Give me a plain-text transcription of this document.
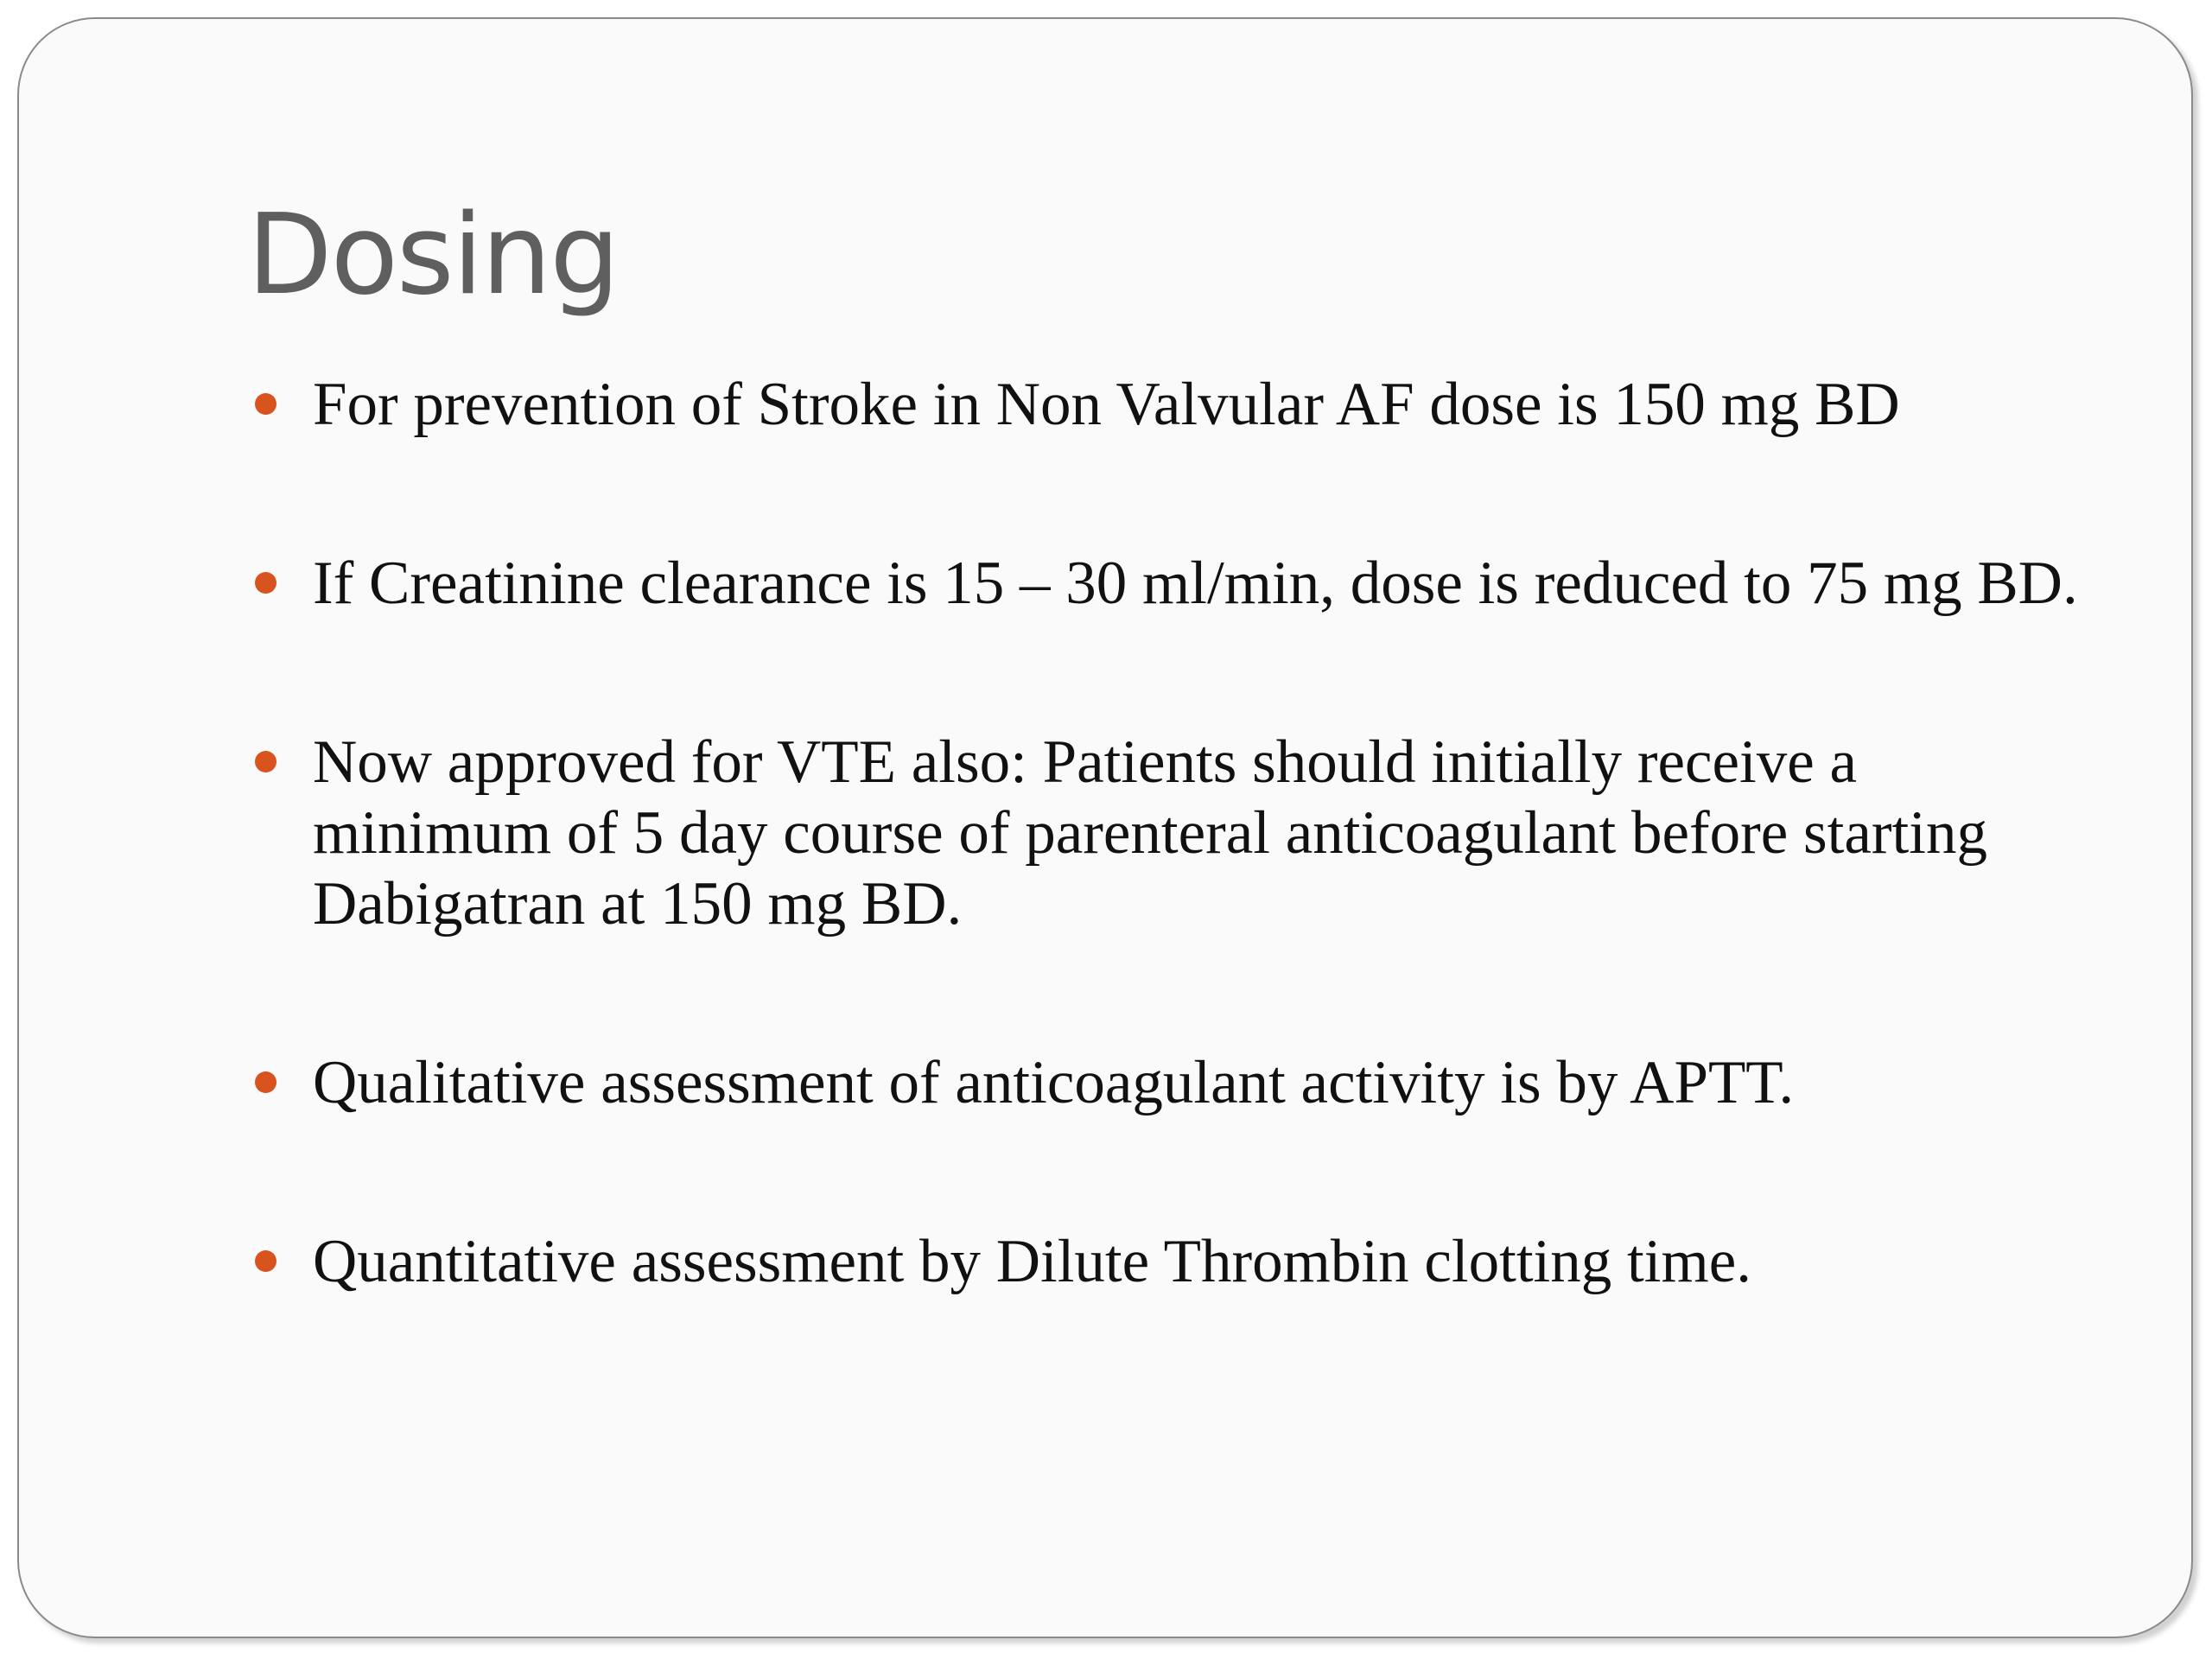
Dosing
For prevention of Stroke in Non Valvular AF dose is 150 mg BD
If Creatinine clearance is 15 – 30 ml/min, dose is reduced to 75 mg BD.
Now approved for VTE also: Patients should initially receive a minimum of 5 day course of parenteral anticoagulant before starting Dabigatran at 150 mg BD.
Qualitative assessment of anticoagulant activity is by APTT.
Quantitative assessment by Dilute Thrombin clotting time.
